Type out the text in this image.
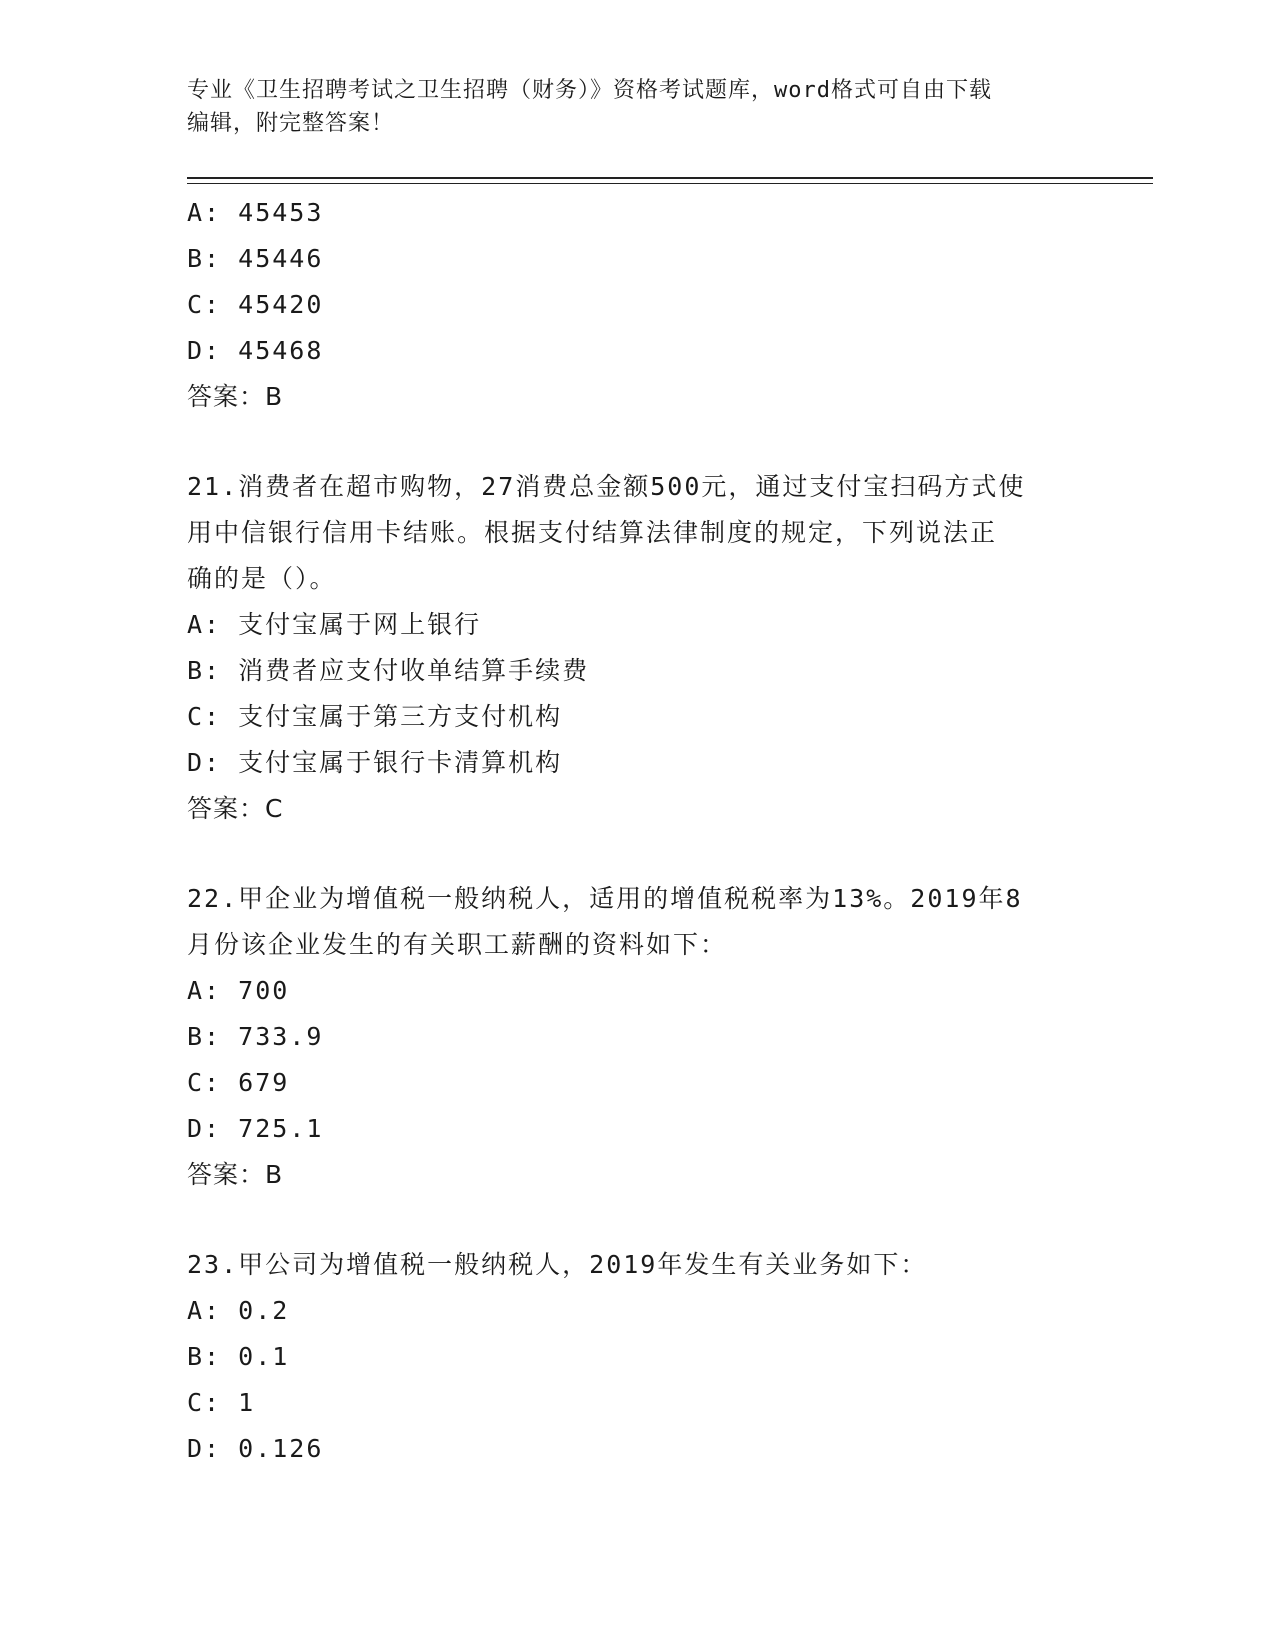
专业《卫生招聘考试之卫生招聘（财务）》资格考试题库，word格式可自由下载
编辑，附完整答案！
A: 45453
B: 45446
C: 45420
D: 45468
答案：B
21.消费者在超市购物，27消费总金额500元，通过支付宝扫码方式使
用中信银行信用卡结账。根据支付结算法律制度的规定，下列说法正
确的是（）。
A: 支付宝属于网上银行
B: 消费者应支付收单结算手续费
C: 支付宝属于第三方支付机构
D: 支付宝属于银行卡清算机构
答案：C
22.甲企业为增值税一般纳税人，适用的增值税税率为13%。2019年8
月份该企业发生的有关职工薪酬的资料如下：
A: 700
B: 733.9
C: 679
D: 725.1
答案：B
23.甲公司为增值税一般纳税人，2019年发生有关业务如下：
A: 0.2
B: 0.1
C: 1
D: 0.126
